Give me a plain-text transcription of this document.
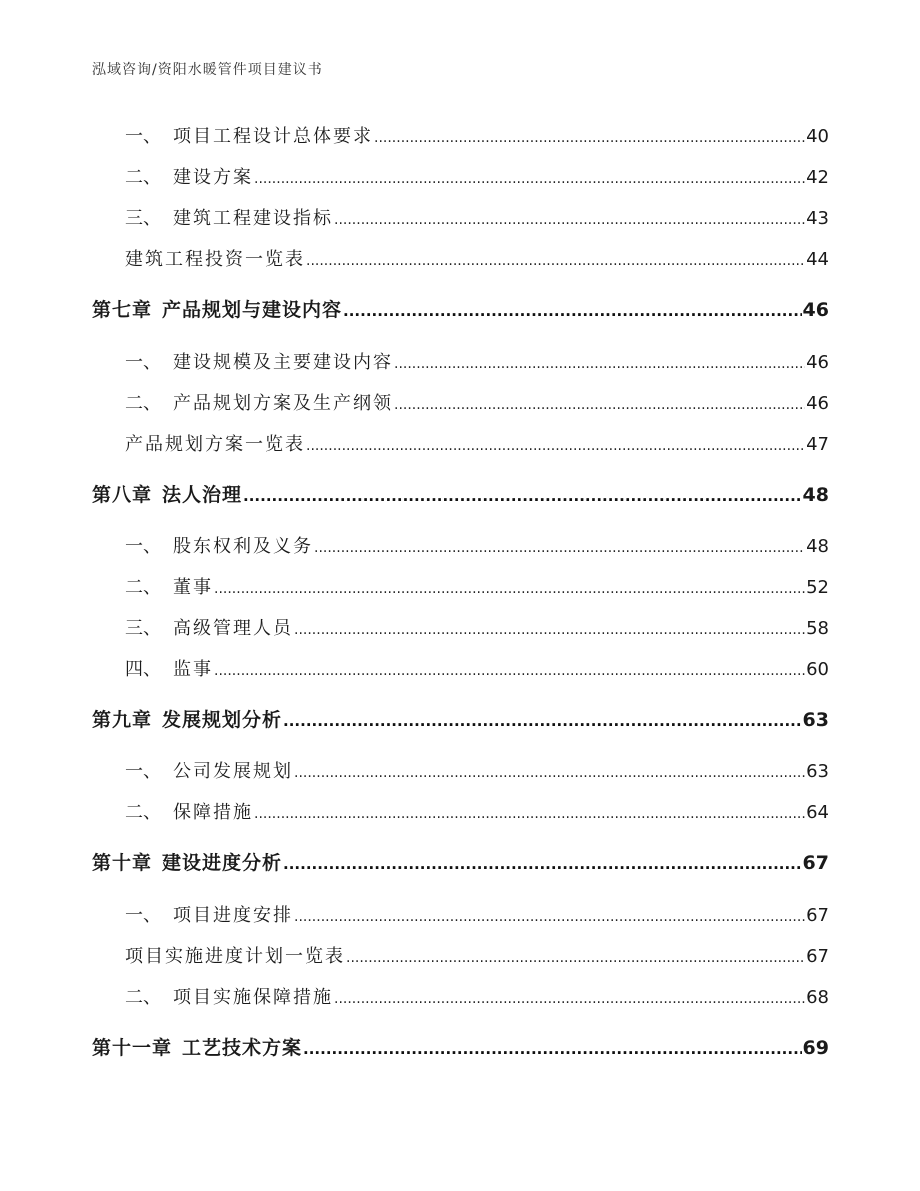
泓域咨询/资阳水暖管件项目建议书
一、 项目工程设计总体要求 .....	40
二、 建设方案 .....	42
三、 建筑工程建设指标 .....	43
建筑工程投资一览表 .....	44
第七章 产品规划与建设内容 .....	46
一、 建设规模及主要建设内容 .....	46
二、 产品规划方案及生产纲领 .....	46
产品规划方案一览表 .....	47
第八章 法人治理 .....	48
一、 股东权利及义务 .....	48
二、 董事 .....	52
三、 高级管理人员 .....	58
四、 监事 .....	60
第九章 发展规划分析 .....	63
一、 公司发展规划 .....	63
二、 保障措施 .....	64
第十章 建设进度分析 .....	67
一、 项目进度安排 .....	67
项目实施进度计划一览表 .....	67
二、 项目实施保障措施 .....	68
第十一章 工艺技术方案 .....	69
